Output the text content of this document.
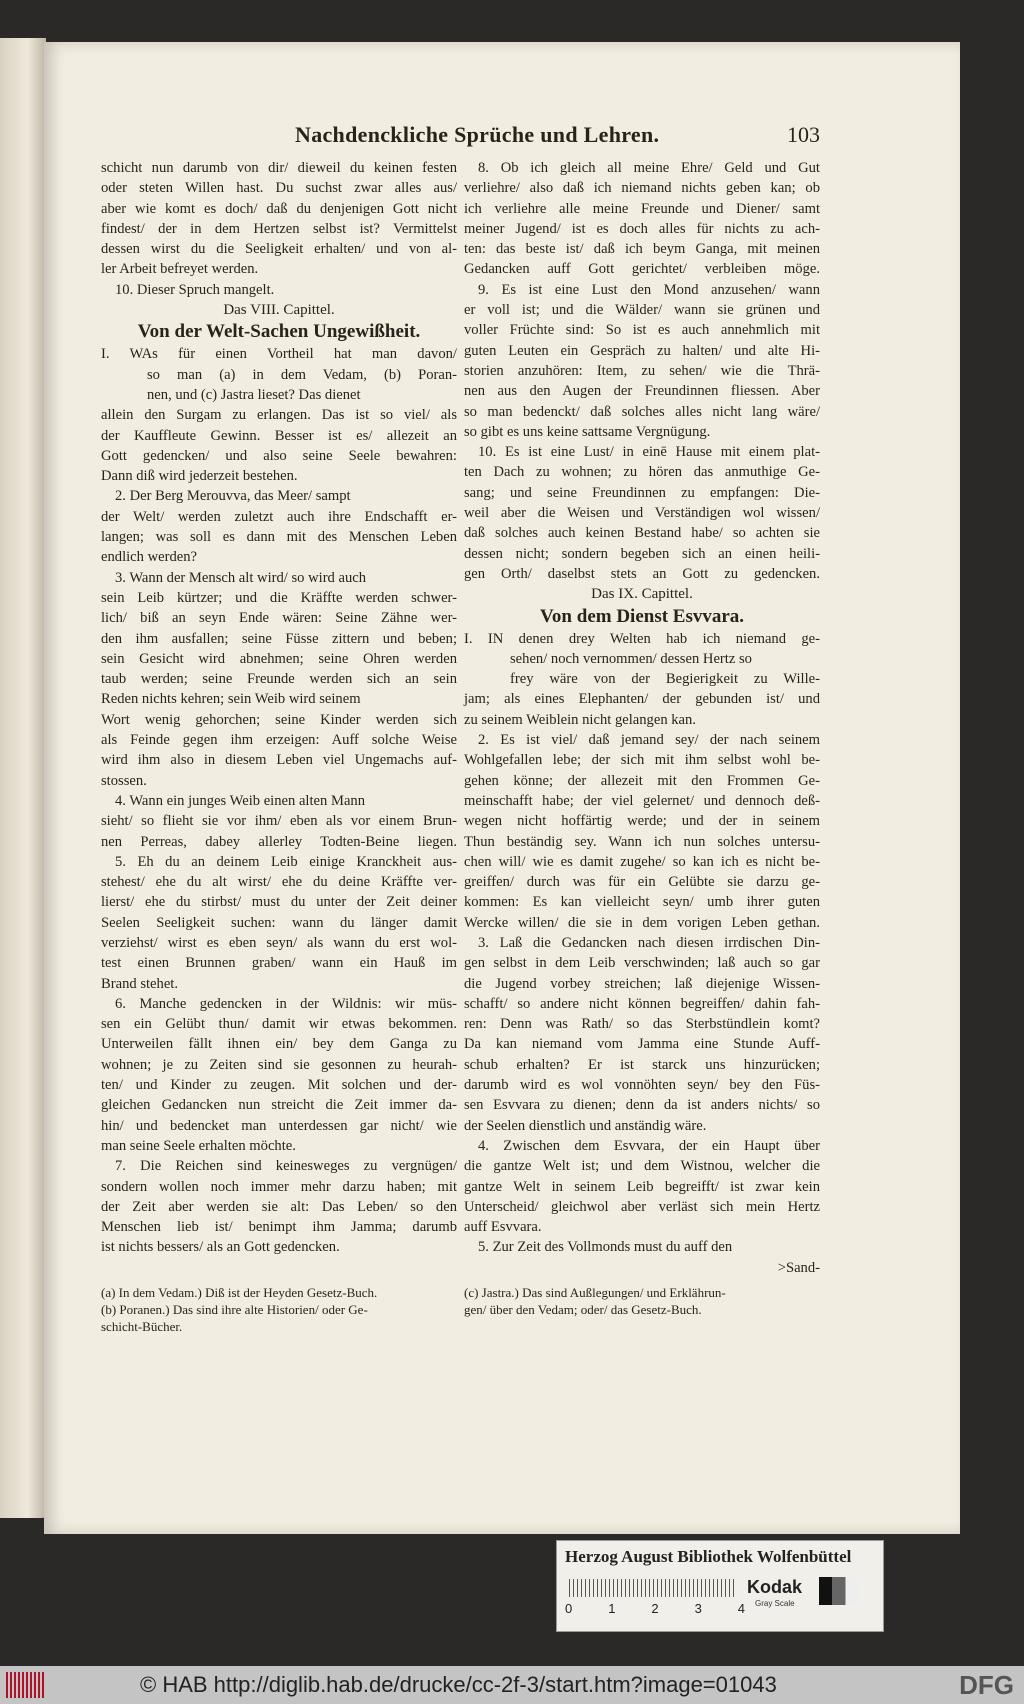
Nachdenckliche Sprüche und Lehren.	103
schicht nun darumb von dir/ dieweil du keinen festen
oder steten Willen hast. Du suchst zwar alles aus/
aber wie komt es doch/ daß du denjenigen Gott nicht
findest/ der in dem Hertzen selbst ist? Vermittelst
dessen wirst du die Seeligkeit erhalten/ und von al-
ler Arbeit befreyet werden.
10. Dieser Spruch mangelt.
Das VIII. Capittel.
Von der Welt-Sachen Ungewißheit.
I. WAs für einen Vortheil hat man davon/
so man (a) in dem Vedam, (b) Poran-
nen, und (c) Jastra lieset? Das dienet
allein den Surgam zu erlangen. Das ist so viel/ als
der Kauffleute Gewinn. Besser ist es/ allezeit an
Gott gedencken/ und also seine Seele bewahren:
Dann diß wird jederzeit bestehen.
2. Der Berg Merouvva, das Meer/ sampt
der Welt/ werden zuletzt auch ihre Endschafft er-
langen; was soll es dann mit des Menschen Leben
endlich werden?
3. Wann der Mensch alt wird/ so wird auch
sein Leib kürtzer; und die Kräffte werden schwer-
lich/ biß an seyn Ende wären: Seine Zähne wer-
den ihm ausfallen; seine Füsse zittern und beben;
sein Gesicht wird abnehmen; seine Ohren werden
taub werden; seine Freunde werden sich an sein
Reden nichts kehren; sein Weib wird seinem
Wort wenig gehorchen; seine Kinder werden sich
als Feinde gegen ihm erzeigen: Auff solche Weise
wird ihm also in diesem Leben viel Ungemachs auf-
stossen.
4. Wann ein junges Weib einen alten Mann
sieht/ so flieht sie vor ihm/ eben als vor einem Brun-
nen Perreas, dabey allerley Todten-Beine liegen.
5. Eh du an deinem Leib einige Kranckheit aus-
stehest/ ehe du alt wirst/ ehe du deine Kräffte ver-
lierst/ ehe du stirbst/ must du unter der Zeit deiner
Seelen Seeligkeit suchen: wann du länger damit
verziehst/ wirst es eben seyn/ als wann du erst wol-
test einen Brunnen graben/ wann ein Hauß im
Brand stehet.
6. Manche gedencken in der Wildnis: wir müs-
sen ein Gelübt thun/ damit wir etwas bekommen.
Unterweilen fällt ihnen ein/ bey dem Ganga zu
wohnen; je zu Zeiten sind sie gesonnen zu heurah-
ten/ und Kinder zu zeugen. Mit solchen und der-
gleichen Gedancken nun streicht die Zeit immer da-
hin/ und bedencket man unterdessen gar nicht/ wie
man seine Seele erhalten möchte.
7. Die Reichen sind keinesweges zu vergnügen/
sondern wollen noch immer mehr darzu haben; mit
der Zeit aber werden sie alt: Das Leben/ so den
Menschen lieb ist/ benimpt ihm Jamma; darumb
ist nichts bessers/ als an Gott gedencken.
8. Ob ich gleich all meine Ehre/ Geld und Gut
verliehre/ also daß ich niemand nichts geben kan; ob
ich verliehre alle meine Freunde und Diener/ samt
meiner Jugend/ ist es doch alles für nichts zu ach-
ten: das beste ist/ daß ich beym Ganga, mit meinen
Gedancken auff Gott gerichtet/ verbleiben möge.
9. Es ist eine Lust den Mond anzusehen/ wann
er voll ist; und die Wälder/ wann sie grünen und
voller Früchte sind: So ist es auch annehmlich mit
guten Leuten ein Gespräch zu halten/ und alte Hi-
storien anzuhören: Item, zu sehen/ wie die Thrä-
nen aus den Augen der Freundinnen fliessen. Aber
so man bedenckt/ daß solches alles nicht lang wäre/
so gibt es uns keine sattsame Vergnügung.
10. Es ist eine Lust/ in einē Hause mit einem plat-
ten Dach zu wohnen; zu hören das anmuthige Ge-
sang; und seine Freundinnen zu empfangen: Die-
weil aber die Weisen und Verständigen wol wissen/
daß solches auch keinen Bestand habe/ so achten sie
dessen nicht; sondern begeben sich an einen heili-
gen Orth/ daselbst stets an Gott zu gedencken.
Das IX. Capittel.
Von dem Dienst Esvvara.
I. IN denen drey Welten hab ich niemand ge-
sehen/ noch vernommen/ dessen Hertz so
frey wäre von der Begierigkeit zu Wille-
jam; als eines Elephanten/ der gebunden ist/ und
zu seinem Weiblein nicht gelangen kan.
2. Es ist viel/ daß jemand sey/ der nach seinem
Wohlgefallen lebe; der sich mit ihm selbst wohl be-
gehen könne; der allezeit mit den Frommen Ge-
meinschafft habe; der viel gelernet/ und dennoch deß-
wegen nicht hoffärtig werde; und der in seinem
Thun beständig sey. Wann ich nun solches untersu-
chen will/ wie es damit zugehe/ so kan ich es nicht be-
greiffen/ durch was für ein Gelübte sie darzu ge-
kommen: Es kan vielleicht seyn/ umb ihrer guten
Wercke willen/ die sie in dem vorigen Leben gethan.
3. Laß die Gedancken nach diesen irrdischen Din-
gen selbst in dem Leib verschwinden; laß auch so gar
die Jugend vorbey streichen; laß diejenige Wissen-
schafft/ so andere nicht können begreiffen/ dahin fah-
ren: Denn was Rath/ so das Sterbstündlein komt?
Da kan niemand vom Jamma eine Stunde Auff-
schub erhalten? Er ist starck uns hinzurücken;
darumb wird es wol vonnöhten seyn/ bey den Füs-
sen Esvvara zu dienen; denn da ist anders nichts/ so
der Seelen dienstlich und anständig wäre.
4. Zwischen dem Esvvara, der ein Haupt über
die gantze Welt ist; und dem Wistnou, welcher die
gantze Welt in seinem Leib begreifft/ ist zwar kein
Unterscheid/ gleichwol aber verläst sich mein Hertz
auff Esvvara.
5. Zur Zeit des Vollmonds must du auff den
>Sand-
(a) In dem Vedam.) Diß ist der Heyden Gesetz-Buch.
(b) Poranen.) Das sind ihre alte Historien/ oder Ge-
schicht-Bücher.
(c) Jastra.) Das sind Außlegungen/ und Erklährun-
gen/ über den Vedam; oder/ das Gesetz-Buch.
Herzog August Bibliothek Wolfenbüttel
0	1	2	3	4
Kodak
Gray Scale
© HAB http://diglib.hab.de/drucke/cc-2f-3/start.htm?image=01043	DFG
